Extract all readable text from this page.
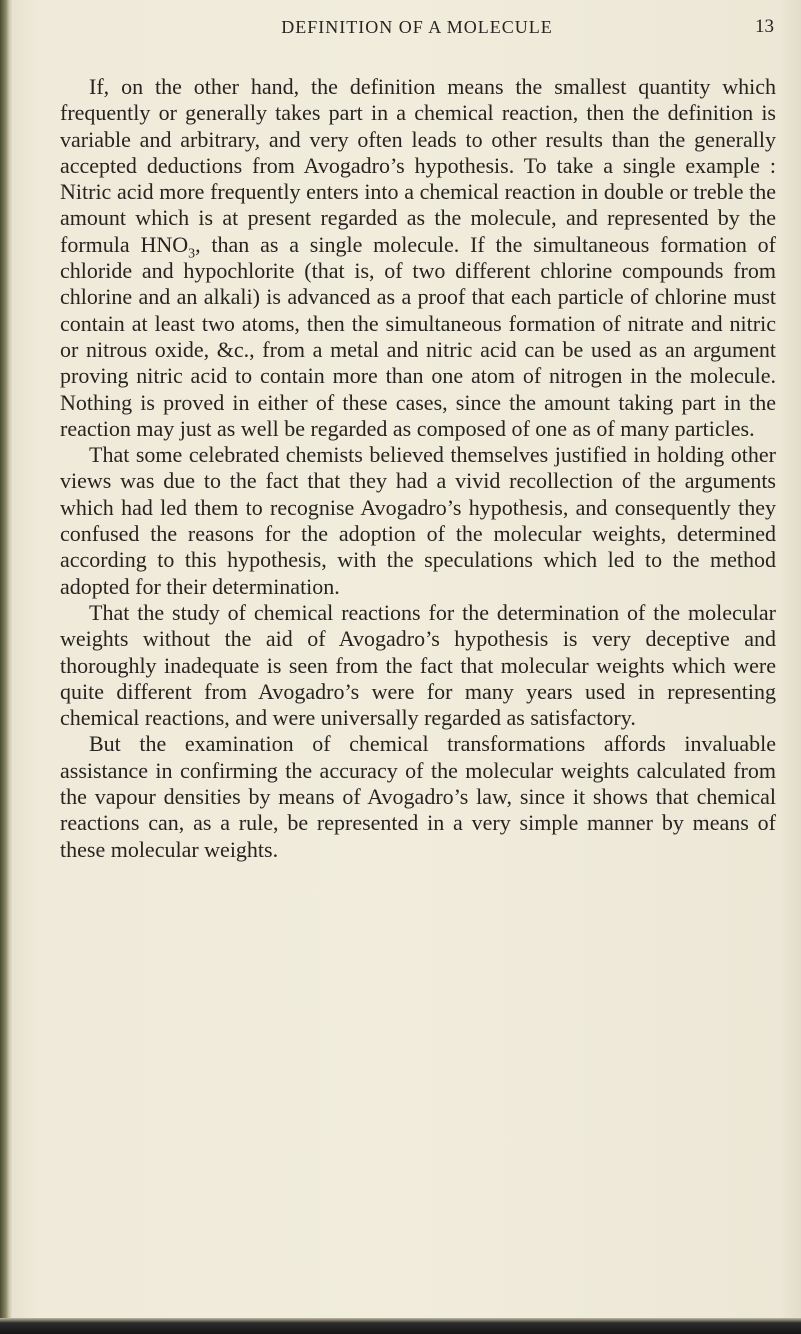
DEFINITION OF A MOLECULE	13

If, on the other hand, the definition means the smallest quantity which frequently or generally takes part in a chemical reaction, then the definition is variable and arbitrary, and very often leads to other results than the generally accepted deductions from Avogadro’s hypothesis. To take a single example : Nitric acid more frequently enters into a chemical reaction in double or treble the amount which is at present regarded as the molecule, and represented by the formula $HNO_3$, than as a single molecule. If the simultaneous formation of chloride and hypochlorite (that is, of two different chlorine compounds from chlorine and an alkali) is advanced as a proof that each particle of chlorine must contain at least two atoms, then the simultaneous formation of nitrate and nitric or nitrous oxide, &c., from a metal and nitric acid can be used as an argument proving nitric acid to contain more than one atom of nitrogen in the molecule. Nothing is proved in either of these cases, since the amount taking part in the reaction may just as well be regarded as composed of one as of many particles.

That some celebrated chemists believed themselves justified in holding other views was due to the fact that they had a vivid recollection of the arguments which had led them to recognise Avogadro’s hypothesis, and consequently they confused the reasons for the adoption of the molecular weights, determined according to this hypothesis, with the speculations which led to the method adopted for their determination.

That the study of chemical reactions for the determination of the molecular weights without the aid of Avogadro’s hypothesis is very deceptive and thoroughly inadequate is seen from the fact that molecular weights which were quite different from Avogadro’s were for many years used in representing chemical reactions, and were universally regarded as satisfactory.

But the examination of chemical transformations affords invaluable assistance in confirming the accuracy of the molecular weights calculated from the vapour densities by means of Avogadro’s law, since it shows that chemical reactions can, as a rule, be represented in a very simple manner by means of these molecular weights.
